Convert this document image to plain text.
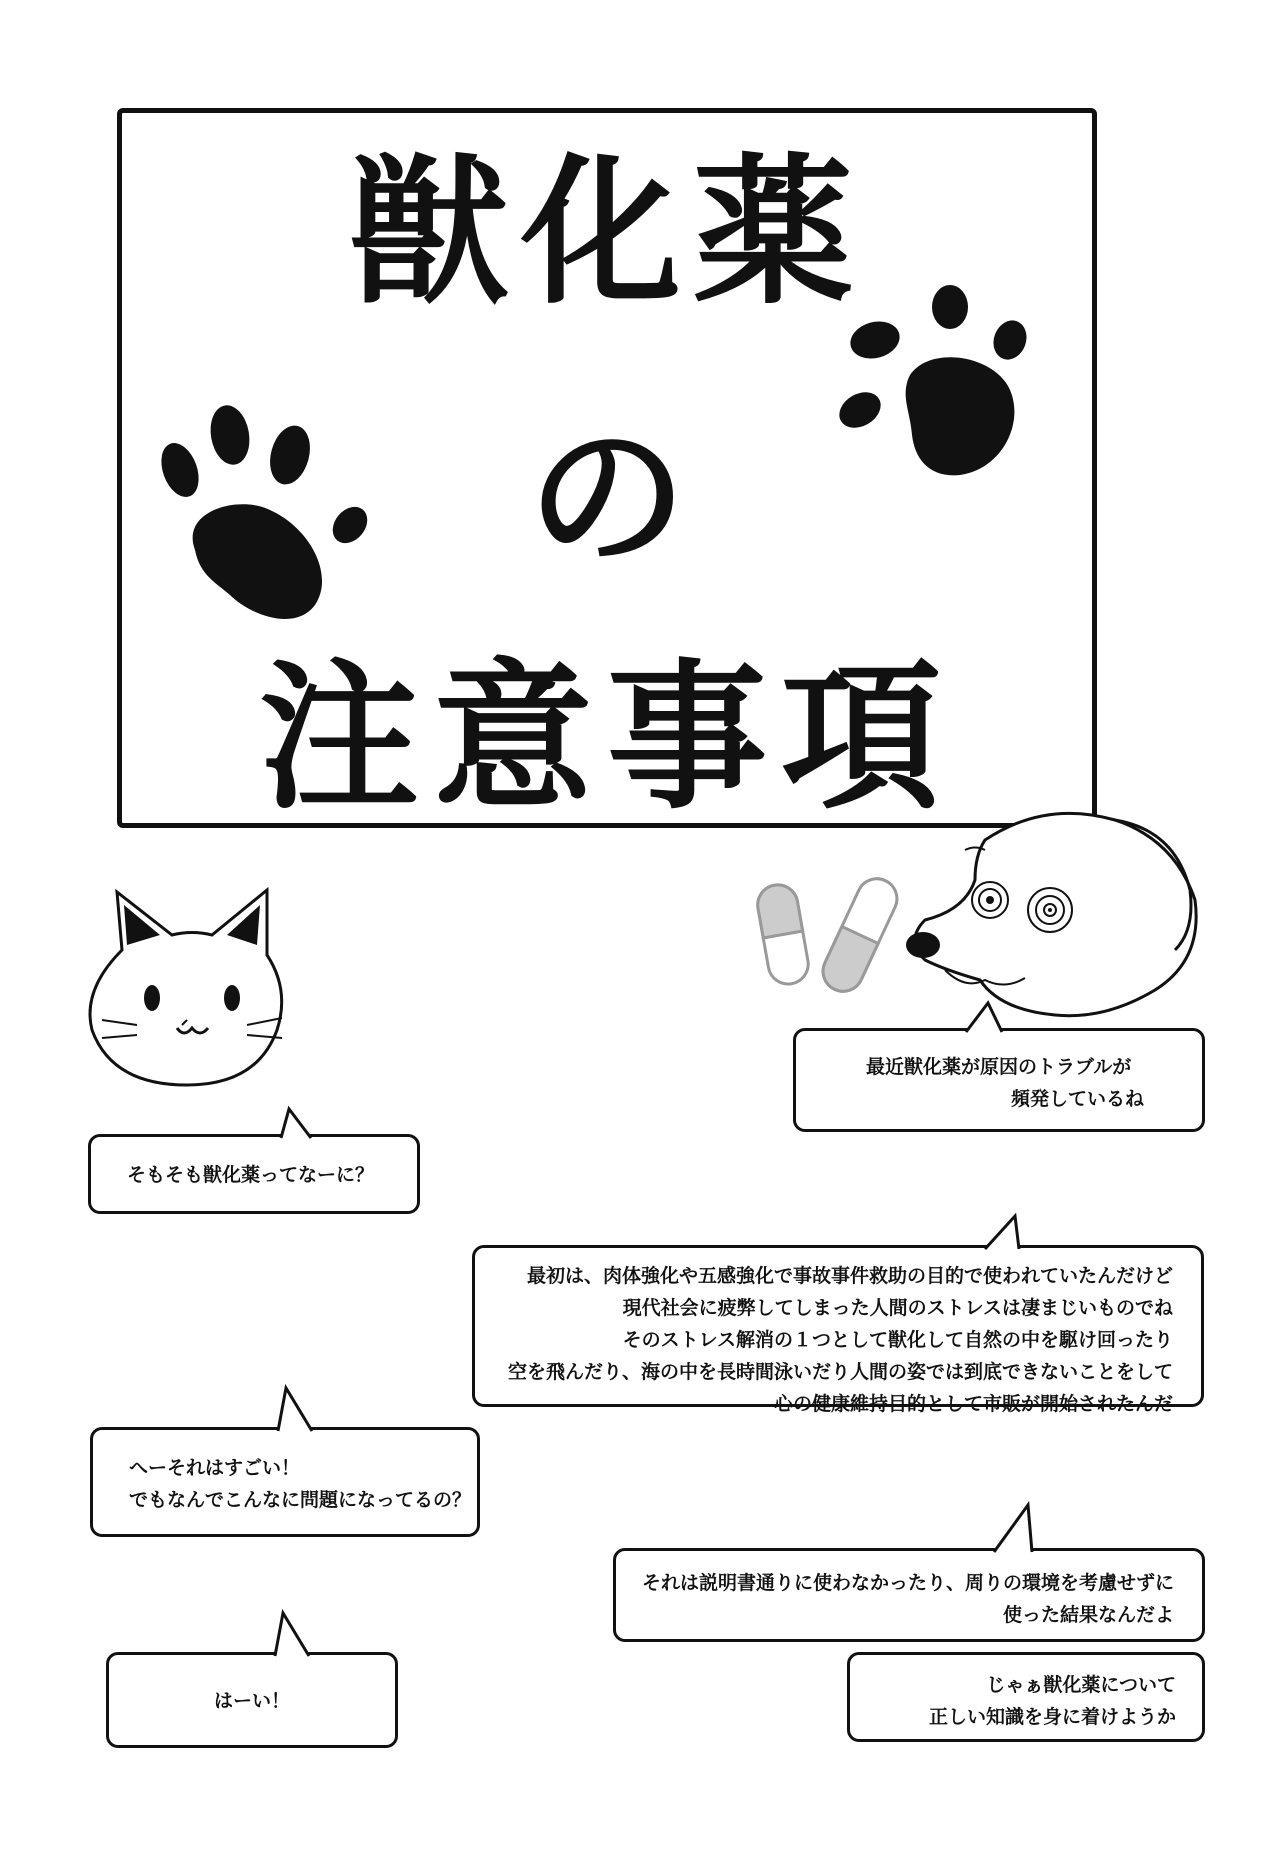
獣化薬
の
注意事項
最近獣化薬が原因のトラブルが
頻発しているね
そもそも獣化薬ってなーに？
最初は、肉体強化や五感強化で事故事件救助の目的で使われていたんだけど
現代社会に疲弊してしまった人間のストレスは凄まじいものでね
そのストレス解消の１つとして獣化して自然の中を駆け回ったり
空を飛んだり、海の中を長時間泳いだり人間の姿では到底できないことをして
心の健康維持目的として市販が開始されたんだ
へーそれはすごい！
でもなんでこんなに問題になってるの？
それは説明書通りに使わなかったり、周りの環境を考慮せずに
使った結果なんだよ
じゃぁ獣化薬について
正しい知識を身に着けようか
はーい！
